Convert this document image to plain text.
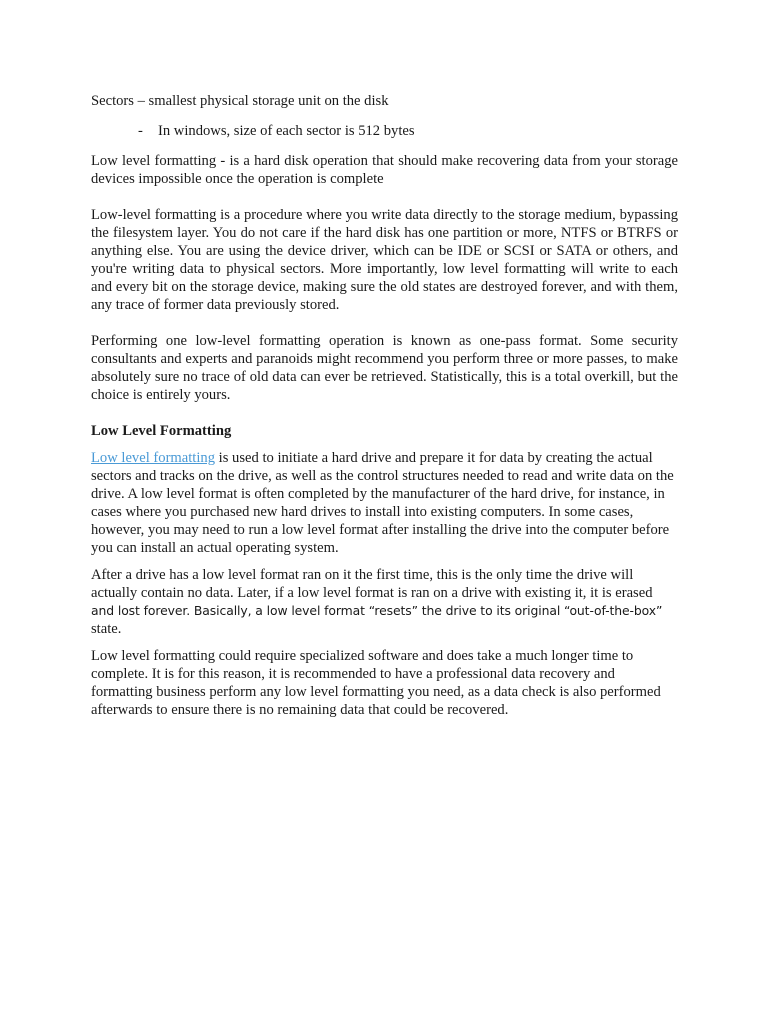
Sectors – smallest physical storage unit on the disk

-	In windows, size of each sector is 512 bytes

Low level formatting - is a hard disk operation that should make recovering data from your storage devices impossible once the operation is complete

Low-level formatting is a procedure where you write data directly to the storage medium, bypassing the filesystem layer. You do not care if the hard disk has one partition or more, NTFS or BTRFS or anything else. You are using the device driver, which can be IDE or SCSI or SATA or others, and you're writing data to physical sectors. More importantly, low level formatting will write to each and every bit on the storage device, making sure the old states are destroyed forever, and with them, any trace of former data previously stored.

Performing one low-level formatting operation is known as one-pass format. Some security consultants and experts and paranoids might recommend you perform three or more passes, to make absolutely sure no trace of old data can ever be retrieved. Statistically, this is a total overkill, but the choice is entirely yours.

Low Level Formatting

Low level formatting is used to initiate a hard drive and prepare it for data by creating the actual sectors and tracks on the drive, as well as the control structures needed to read and write data on the drive. A low level format is often completed by the manufacturer of the hard drive, for instance, in cases where you purchased new hard drives to install into existing computers. In some cases, however, you may need to run a low level format after installing the drive into the computer before you can install an actual operating system.

After a drive has a low level format ran on it the first time, this is the only time the drive will actually contain no data. Later, if a low level format is ran on a drive with existing it, it is erased and lost forever. Basically, a low level format “resets” the drive to its original “out-of-the-box” state.

Low level formatting could require specialized software and does take a much longer time to complete. It is for this reason, it is recommended to have a professional data recovery and formatting business perform any low level formatting you need, as a data check is also performed afterwards to ensure there is no remaining data that could be recovered.
